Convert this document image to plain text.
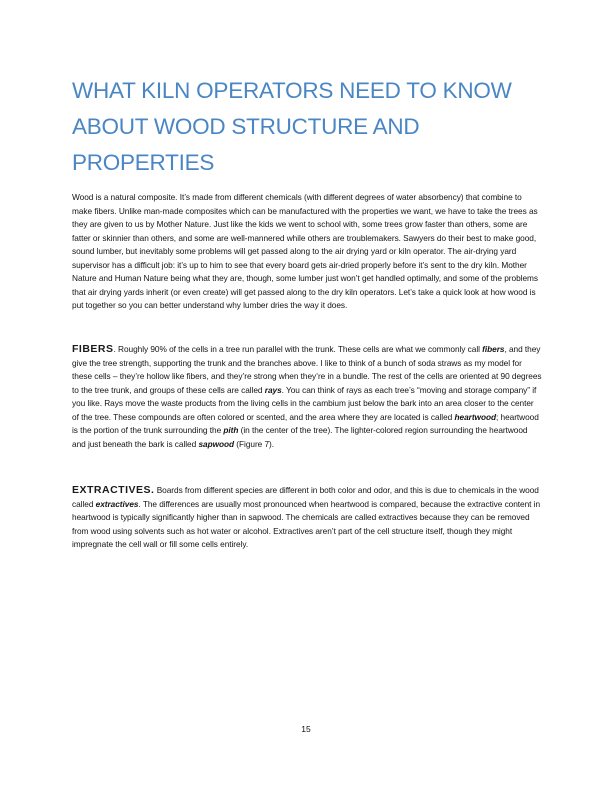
WHAT KILN OPERATORS NEED TO KNOW ABOUT WOOD STRUCTURE AND PROPERTIES

Wood is a natural composite. It’s made from different chemicals (with different degrees of water absorbency) that combine to make fibers. Unlike man-made composites which can be manufactured with the properties we want, we have to take the trees as they are given to us by Mother Nature. Just like the kids we went to school with, some trees grow faster than others, some are fatter or skinnier than others, and some are well-mannered while others are troublemakers. Sawyers do their best to make good, sound lumber, but inevitably some problems will get passed along to the air drying yard or kiln operator. The air-drying yard supervisor has a difficult job: it’s up to him to see that every board gets air-dried properly before it’s sent to the dry kiln. Mother Nature and Human Nature being what they are, though, some lumber just won’t get handled optimally, and some of the problems that air drying yards inherit (or even create) will get passed along to the dry kiln operators. Let’s take a quick look at how wood is put together so you can better understand why lumber dries the way it does.

FIBERS. Roughly 90% of the cells in a tree run parallel with the trunk. These cells are what we commonly call fibers, and they give the tree strength, supporting the trunk and the branches above. I like to think of a bunch of soda straws as my model for these cells – they’re hollow like fibers, and they’re strong when they’re in a bundle. The rest of the cells are oriented at 90 degrees to the tree trunk, and groups of these cells are called rays. You can think of rays as each tree’s “moving and storage company” if you like. Rays move the waste products from the living cells in the cambium just below the bark into an area closer to the center of the tree. These compounds are often colored or scented, and the area where they are located is called heartwood; heartwood is the portion of the trunk surrounding the pith (in the center of the tree). The lighter-colored region surrounding the heartwood and just beneath the bark is called sapwood (Figure 7).

EXTRACTIVES. Boards from different species are different in both color and odor, and this is due to chemicals in the wood called extractives. The differences are usually most pronounced when heartwood is compared, because the extractive content in heartwood is typically significantly higher than in sapwood. The chemicals are called extractives because they can be removed from wood using solvents such as hot water or alcohol. Extractives aren’t part of the cell structure itself, though they might impregnate the cell wall or fill some cells entirely.

15
